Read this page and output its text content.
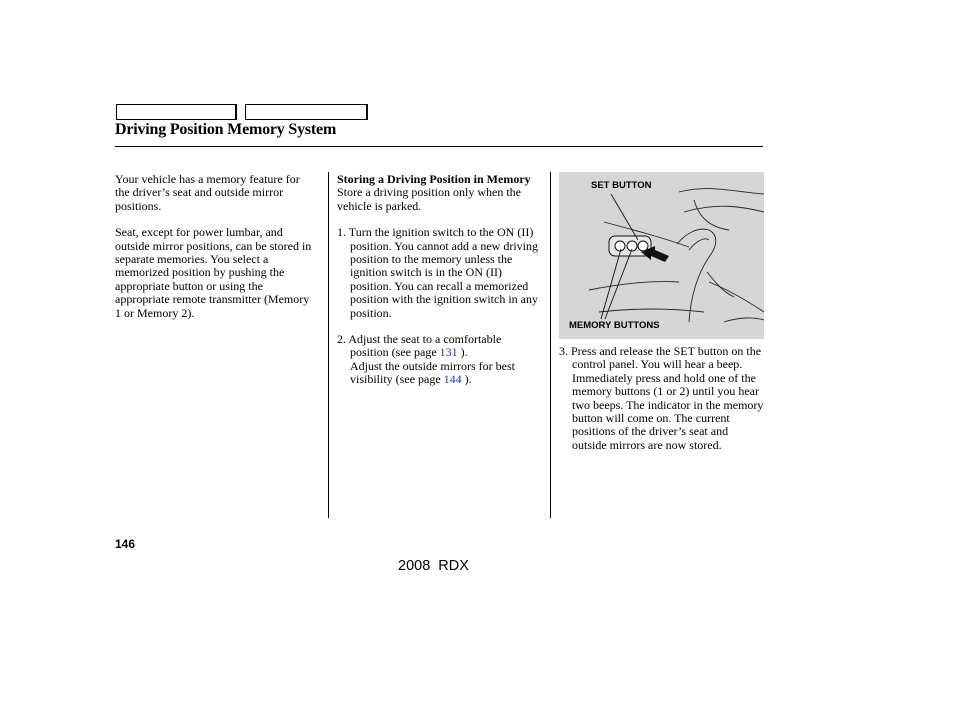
Driving Position Memory System

Your vehicle has a memory feature for the driver’s seat and outside mirror positions.

Seat, except for power lumbar, and outside mirror positions, can be stored in separate memories. You select a memorized position by pushing the appropriate button or using the appropriate remote transmitter (Memory 1 or Memory 2).

Storing a Driving Position in Memory

Store a driving position only when the vehicle is parked.

1. Turn the ignition switch to the ON (II) position. You cannot add a new driving position to the memory unless the ignition switch is in the ON (II) position. You can recall a memorized position with the ignition switch in any position.

2. Adjust the seat to a comfortable position (see page 131 ).

Adjust the outside mirrors for best visibility (see page 144 ).

SET BUTTON
MEMORY BUTTONS

3. Press and release the SET button on the control panel. You will hear a beep. Immediately press and hold one of the memory buttons (1 or 2) until you hear two beeps. The indicator in the memory button will come on. The current positions of the driver’s seat and outside mirrors are now stored.

146
2008 RDX
